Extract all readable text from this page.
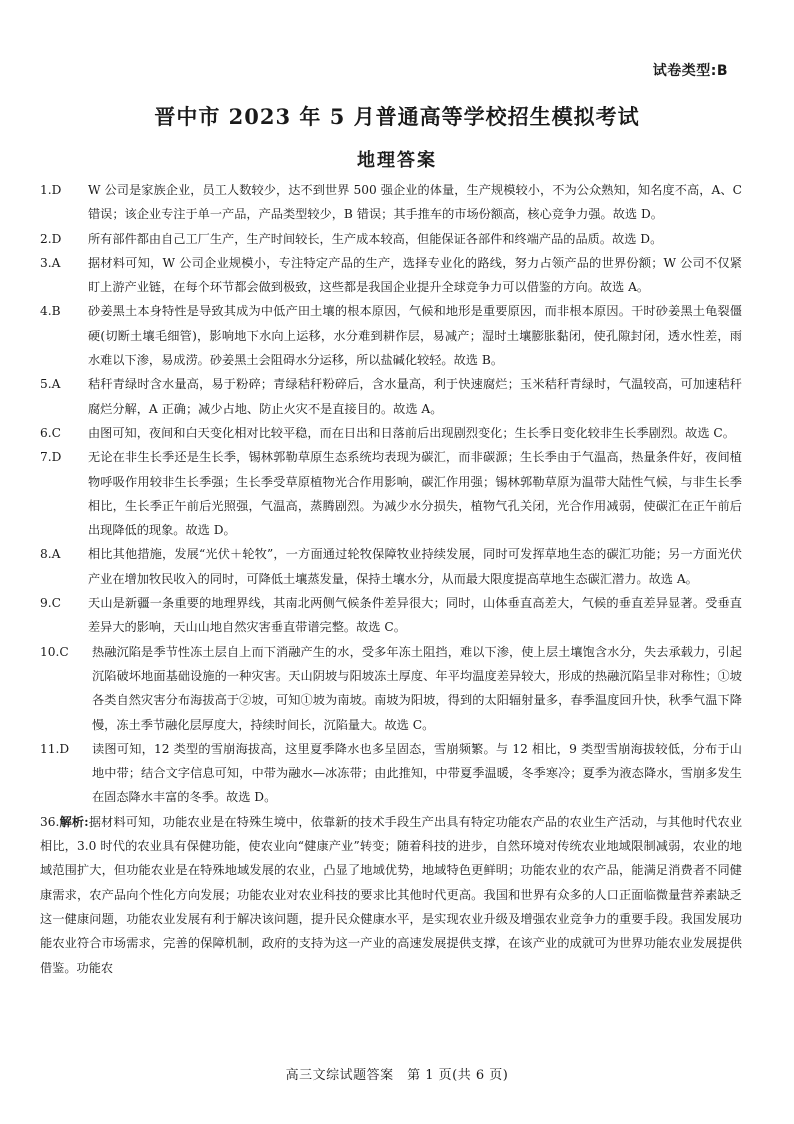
试卷类型:B
晋中市 2023 年 5 月普通高等学校招生模拟考试
地理答案
1.D	W 公司是家族企业，员工人数较少，达不到世界 500 强企业的体量，生产规模较小，不为公众熟知，知名度不高，A、C 错误；该企业专注于单一产品，产品类型较少，B 错误；其手推车的市场份额高，核心竞争力强。故选 D。
2.D	所有部件都由自己工厂生产，生产时间较长，生产成本较高，但能保证各部件和终端产品的品质。故选 D。
3.A	据材料可知，W 公司企业规模小，专注特定产品的生产，选择专业化的路线，努力占领产品的世界份额；W 公司不仅紧盯上游产业链，在每个环节都会做到极致，这些都是我国企业提升全球竞争力可以借鉴的方向。故选 A。
4.B	砂姜黑土本身特性是导致其成为中低产田土壤的根本原因，气候和地形是重要原因，而非根本原因。干时砂姜黑土龟裂僵硬(切断土壤毛细管)，影响地下水向上运移，水分难到耕作层，易减产；湿时土壤膨胀黏闭，使孔隙封闭，透水性差，雨水难以下渗，易成涝。砂姜黑土会阻碍水分运移，所以盐碱化较轻。故选 B。
5.A	秸秆青绿时含水量高，易于粉碎；青绿秸秆粉碎后，含水量高，利于快速腐烂；玉米秸秆青绿时，气温较高，可加速秸秆腐烂分解，A 正确；减少占地、防止火灾不是直接目的。故选 A。
6.C	由图可知，夜间和白天变化相对比较平稳，而在日出和日落前后出现剧烈变化；生长季日变化较非生长季剧烈。故选 C。
7.D	无论在非生长季还是生长季，锡林郭勒草原生态系统均表现为碳汇，而非碳源；生长季由于气温高，热量条件好，夜间植物呼吸作用较非生长季强；生长季受草原植物光合作用影响，碳汇作用强；锡林郭勒草原为温带大陆性气候，与非生长季相比，生长季正午前后光照强，气温高，蒸腾剧烈。为减少水分损失，植物气孔关闭，光合作用减弱，使碳汇在正午前后出现降低的现象。故选 D。
8.A	相比其他措施，发展“光伏＋轮牧”，一方面通过轮牧保障牧业持续发展，同时可发挥草地生态的碳汇功能；另一方面光伏产业在增加牧民收入的同时，可降低土壤蒸发量，保持土壤水分，从而最大限度提高草地生态碳汇潜力。故选 A。
9.C	天山是新疆一条重要的地理界线，其南北两侧气候条件差异很大；同时，山体垂直高差大，气候的垂直差异显著。受垂直差异大的影响，天山山地自然灾害垂直带谱完整。故选 C。
10.C	热融沉陷是季节性冻土层自上而下消融产生的水，受多年冻土阻挡，难以下渗，使上层土壤饱含水分，失去承载力，引起沉陷破坏地面基础设施的一种灾害。天山阴坡与阳坡冻土厚度、年平均温度差异较大，形成的热融沉陷呈非对称性；①坡各类自然灾害分布海拔高于②坡，可知①坡为南坡。南坡为阳坡，得到的太阳辐射量多，春季温度回升快，秋季气温下降慢，冻土季节融化层厚度大，持续时间长，沉陷量大。故选 C。
11.D	读图可知，12 类型的雪崩海拔高，这里夏季降水也多呈固态，雪崩频繁。与 12 相比，9 类型雪崩海拔较低，分布于山地中带；结合文字信息可知，中带为融水—冰冻带；由此推知，中带夏季温暖，冬季寒冷；夏季为液态降水，雪崩多发生在固态降水丰富的冬季。故选 D。
36.解析:据材料可知，功能农业是在特殊生境中，依靠新的技术手段生产出具有特定功能农产品的农业生产活动，与其他时代农业相比，3.0 时代的农业具有保健功能，使农业向“健康产业”转变；随着科技的进步，自然环境对传统农业地域限制减弱，农业的地域范围扩大，但功能农业是在特殊地域发展的农业，凸显了地域优势，地域特色更鲜明；功能农业的农产品，能满足消费者不同健康需求，农产品向个性化方向发展；功能农业对农业科技的要求比其他时代更高。我国和世界有众多的人口正面临微量营养素缺乏这一健康问题，功能农业发展有利于解决该问题，提升民众健康水平，是实现农业升级及增强农业竞争力的重要手段。我国发展功能农业符合市场需求，完善的保障机制，政府的支持为这一产业的高速发展提供支撑，在该产业的成就可为世界功能农业发展提供借鉴。功能农
高三文综试题答案　第 1 页(共 6 页)
